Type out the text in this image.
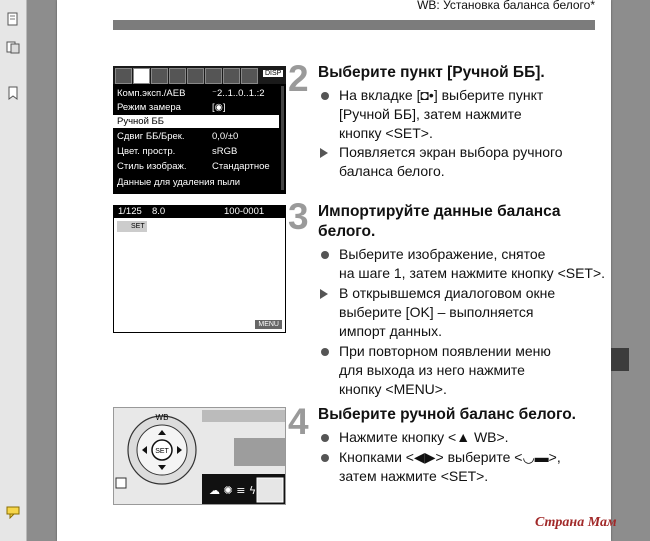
WB: Установка баланса белого*
DISP
Комп.эксп./AEB	⁻2..1..0..1.:2
Режим замера	[◉]
Ручной ББ
Сдвиг ББ/Брек.	0,0/±0
Цвет. простр.	sRGB
Стиль изображ.	Стандартное
Данные для удаления пыли
1/125 8.0	100-0001
SET
MENU
SET
WB
☁ ✺ ≡ ϟ
2
3
4
Выберите пункт [Ручной ББ].
На вкладке [◘•] выберите пункт
[Ручной ББ], затем нажмите
кнопку <SET>.
Появляется экран выбора ручного
баланса белого.
Импортируйте данные баланса
белого.
Выберите изображение, снятое
на шаге 1, затем нажмите кнопку <SET>.
В открывшемся диалоговом окне
выберите [OK] – выполняется
импорт данных.
При повторном появлении меню
для выхода из него нажмите
кнопку <MENU>.
Выберите ручной баланс белого.
Нажмите кнопку <▲ WB>.
Кнопками <◀▶> выберите <◡▬>,
затем нажмите <SET>.
Страна Мам
